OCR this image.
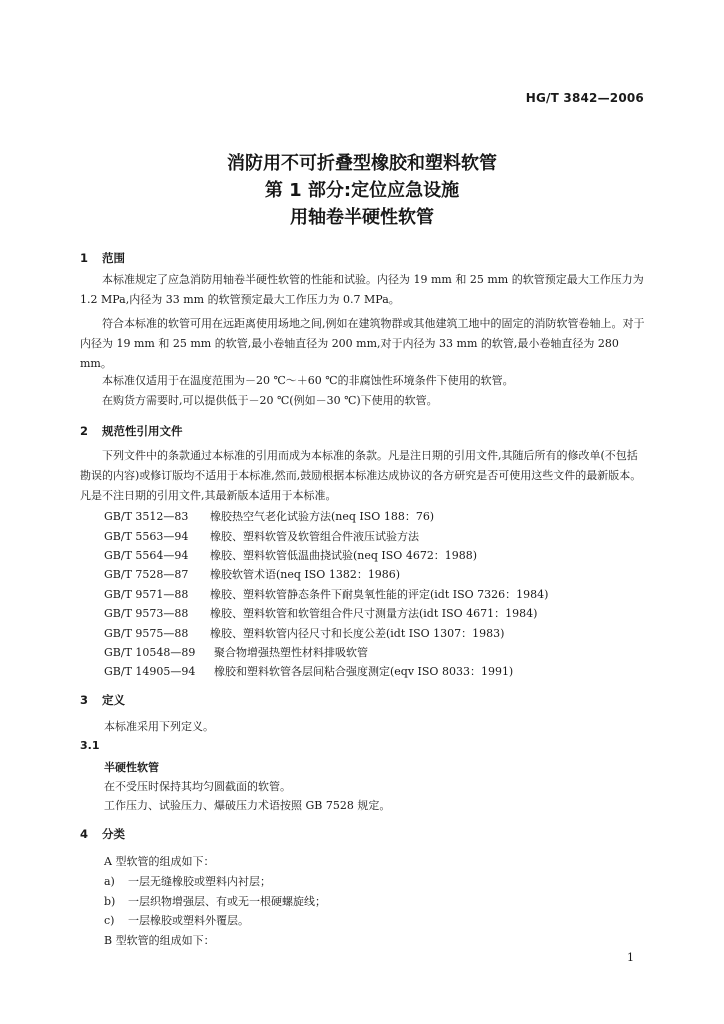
HG/T 3842—2006
消防用不可折叠型橡胶和塑料软管
第 1 部分:定位应急设施
用轴卷半硬性软管
1 范围
本标准规定了应急消防用轴卷半硬性软管的性能和试验。内径为 19 mm 和 25 mm 的软管预定最大工作压力为 1.2 MPa,内径为 33 mm 的软管预定最大工作压力为 0.7 MPa。
符合本标准的软管可用在远距离使用场地之间,例如在建筑物群或其他建筑工地中的固定的消防软管卷轴上。对于内径为 19 mm 和 25 mm 的软管,最小卷轴直径为 200 mm,对于内径为 33 mm 的软管,最小卷轴直径为 280 mm。
本标准仅适用于在温度范围为－20 ℃～＋60 ℃的非腐蚀性环境条件下使用的软管。
在购货方需要时,可以提供低于－20 ℃(例如－30 ℃)下使用的软管。
2 规范性引用文件
下列文件中的条款通过本标准的引用而成为本标准的条款。凡是注日期的引用文件,其随后所有的修改单(不包括勘误的内容)或修订版均不适用于本标准,然而,鼓励根据本标准达成协议的各方研究是否可使用这些文件的最新版本。凡是不注日期的引用文件,其最新版本适用于本标准。
GB/T 3512—83 橡胶热空气老化试验方法(neq ISO 188：76)
GB/T 5563—94 橡胶、塑料软管及软管组合件液压试验方法
GB/T 5564—94 橡胶、塑料软管低温曲挠试验(neq ISO 4672：1988)
GB/T 7528—87 橡胶软管术语(neq ISO 1382：1986)
GB/T 9571—88 橡胶、塑料软管静态条件下耐臭氧性能的评定(idt ISO 7326：1984)
GB/T 9573—88 橡胶、塑料软管和软管组合件尺寸测量方法(idt ISO 4671：1984)
GB/T 9575—88 橡胶、塑料软管内径尺寸和长度公差(idt ISO 1307：1983)
GB/T 10548—89 聚合物增强热塑性材料排吸软管
GB/T 14905—94 橡胶和塑料软管各层间粘合强度测定(eqv ISO 8033：1991)
3 定义
本标准采用下列定义。
3.1
半硬性软管
在不受压时保持其均匀圆截面的软管。
工作压力、试验压力、爆破压力术语按照 GB 7528 规定。
4 分类
A 型软管的组成如下：
a) 一层无缝橡胶或塑料内衬层；
b) 一层织物增强层、有或无一根硬螺旋线；
c) 一层橡胶或塑料外覆层。
B 型软管的组成如下：
1
